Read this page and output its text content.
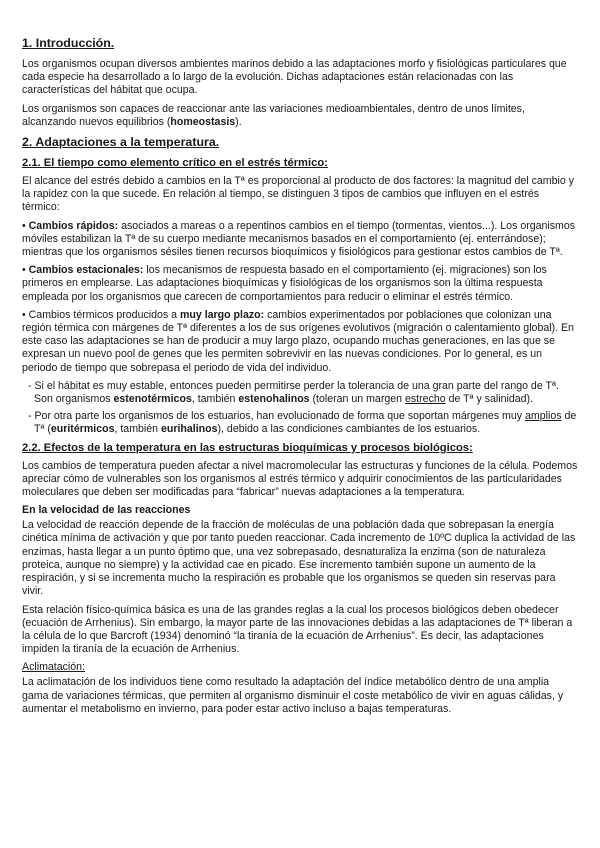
1. Introducción.

Los organismos ocupan diversos ambientes marinos debido a las adaptaciones morfo y fisiológicas particulares que cada especie ha desarrollado a lo largo de la evolución. Dichas adaptaciones están relacionadas con las características del hábitat que ocupa.

Los organismos son capaces de reaccionar ante las variaciones medioambientales, dentro de unos límites, alcanzando nuevos equilibrios (homeostasis).

2. Adaptaciones a la temperatura.
2.1. El tiempo como elemento crítico en el estrés térmico:

El alcance del estrés debido a cambios en la Tª es proporcional al producto de dos factores: la magnitud del cambio y la rapidez con la que sucede. En relación al tiempo, se distinguen 3 tipos de cambios que influyen en el estrés térmico:

• Cambios rápidos: asociados a mareas o a repentinos cambios en el tiempo (tormentas, vientos...). Los organismos móviles estabilizan la Tª de su cuerpo mediante mecanismos basados en el comportamiento (ej. enterrándose); mientras que los organismos sésiles tienen recursos bioquímicos y fisiológicos para gestionar estos cambios de Tª.
• Cambios estacionales: los mecanismos de respuesta basado en el comportamiento (ej. migraciones) son los primeros en emplearse. Las adaptaciones bioquímicas y fisiológicas de los organismos son la última respuesta empleada por los organismos que carecen de comportamientos para reducir o eliminar el estrés térmico.
• Cambios térmicos producidos a muy largo plazo: cambios experimentados por poblaciones que colonizan una región térmica con márgenes de Tª diferentes a los de sus orígenes evolutivos (migración o calentamiento global). En este caso las adaptaciones se han de producir a muy largo plazo, ocupando muchas generaciones, en las que se expresan un nuevo pool de genes que les permiten sobrevivir en las nuevas condiciones. Por lo general, es un periodo de tiempo que sobrepasa el periodo de vida del individuo.
- Si el hábitat es muy estable, entonces pueden permitirse perder la tolerancia de una gran parte del rango de Tª. Son organismos estenotérmicos, también estenohalinos (toleran un margen estrecho de Tª y salinidad).
- Por otra parte los organismos de los estuarios, han evolucionado de forma que soportan márgenes muy amplios de Tª (euritérmicos, también eurihalinos), debido a las condiciones cambiantes de los estuarios.
2.2. Efectos de la temperatura en las estructuras bioquímicas y procesos biológicos:

Los cambios de temperatura pueden afectar a nivel macromolecular las estructuras y funciones de la célula. Podemos apreciar cómo de vulnerables son los organismos al estrés térmico y adquirir conocimientos de las particularidades moleculares que deben ser modificadas para “fabricar” nuevas adaptaciones a la temperatura.

En la velocidad de las reacciones

La velocidad de reacción depende de la fracción de moléculas de una población dada que sobrepasan la energía cinética mínima de activación y que por tanto pueden reaccionar. Cada incremento de 10ºC duplica la actividad de las enzimas, hasta llegar a un punto óptimo que, una vez sobrepasado, desnaturaliza la enzima (son de naturaleza proteica, aunque no siempre) y la actividad cae en picado. Ese incremento también supone un aumento de la respiración, y si se incrementa mucho la respiración es probable que los organismos se queden sin reservas para vivir.

Esta relación físico-química básica es una de las grandes reglas a la cual los procesos biológicos deben obedecer (ecuación de Arrhenius). Sin embargo, la mayor parte de las innovaciones debidas a las adaptaciones de Tª liberan a la célula de lo que Barcroft (1934) denominó “la tiranía de la ecuación de Arrhenius”. Es decir, las adaptaciones impiden la tiranía de la ecuación de Arrhenius.

Aclimatación:

La aclimatación de los individuos tiene como resultado la adaptación del índice metabólico dentro de una amplia gama de variaciones térmicas, que permiten al organismo disminuir el coste metabólico de vivir en aguas cálidas, y aumentar el metabolismo en invierno, para poder estar activo incluso a bajas temperaturas.
